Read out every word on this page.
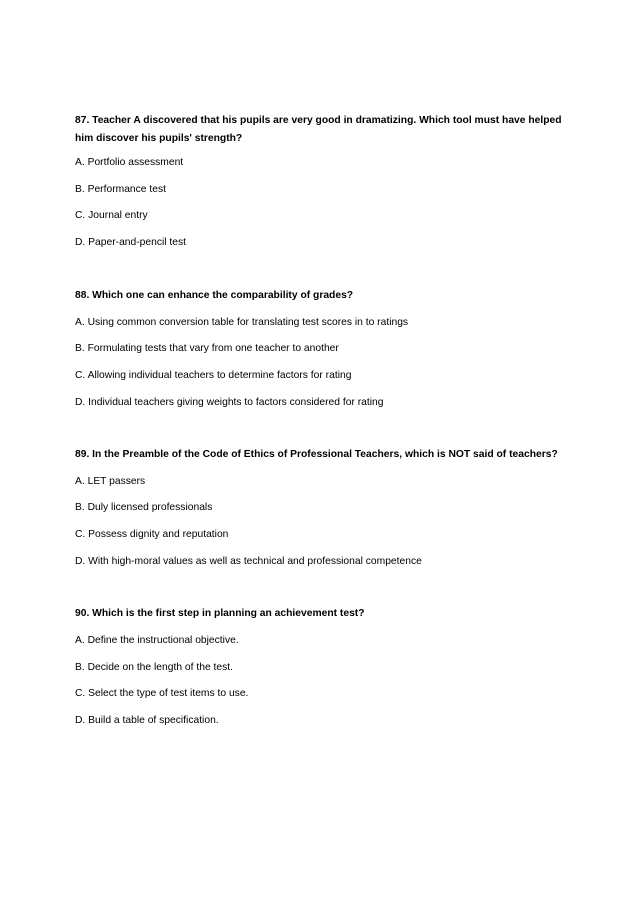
87. Teacher A discovered that his pupils are very good in dramatizing. Which tool must have helped him discover his pupils' strength?
A. Portfolio assessment
B. Performance test
C. Journal entry
D. Paper-and-pencil test
88. Which one can enhance the comparability of grades?
A. Using common conversion table for translating test scores in to ratings
B. Formulating tests that vary from one teacher to another
C. Allowing individual teachers to determine factors for rating
D. Individual teachers giving weights to factors considered for rating
89. In the Preamble of the Code of Ethics of Professional Teachers, which is NOT said of teachers?
A. LET passers
B. Duly licensed professionals
C. Possess dignity and reputation
D. With high-moral values as well as technical and professional competence
90. Which is the first step in planning an achievement test?
A. Define the instructional objective.
B. Decide on the length of the test.
C. Select the type of test items to use.
D. Build a table of specification.
